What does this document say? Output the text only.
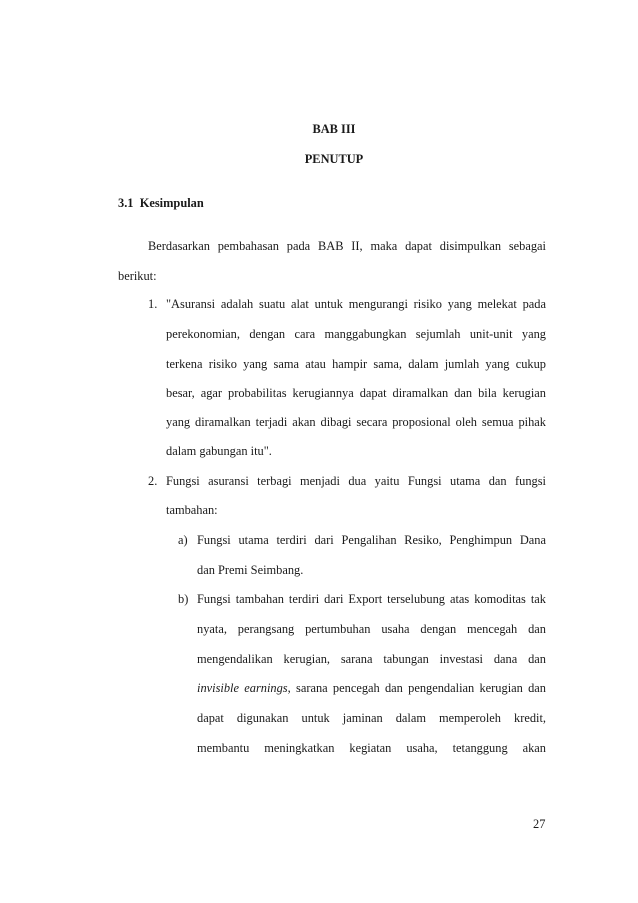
BAB III
PENUTUP
3.1 Kesimpulan
Berdasarkan pembahasan pada BAB II, maka dapat disimpulkan sebagai
berikut:
1. "Asuransi adalah suatu alat untuk mengurangi risiko yang melekat pada
perekonomian, dengan cara manggabungkan sejumlah unit-unit yang
terkena risiko yang sama atau hampir sama, dalam jumlah yang cukup
besar, agar probabilitas kerugiannya dapat diramalkan dan bila kerugian
yang diramalkan terjadi akan dibagi secara proposional oleh semua pihak
dalam gabungan itu".
2. Fungsi asuransi terbagi menjadi dua yaitu Fungsi utama dan fungsi
tambahan:
a) Fungsi utama terdiri dari Pengalihan Resiko, Penghimpun Dana
dan Premi Seimbang.
b) Fungsi tambahan terdiri dari Export terselubung atas komoditas tak
nyata, perangsang pertumbuhan usaha dengan mencegah dan
mengendalikan kerugian, sarana tabungan investasi dana dan
invisible earnings, sarana pencegah dan pengendalian kerugian dan
dapat digunakan untuk jaminan dalam memperoleh kredit,
membantu meningkatkan kegiatan usaha, tetanggung akan
27
